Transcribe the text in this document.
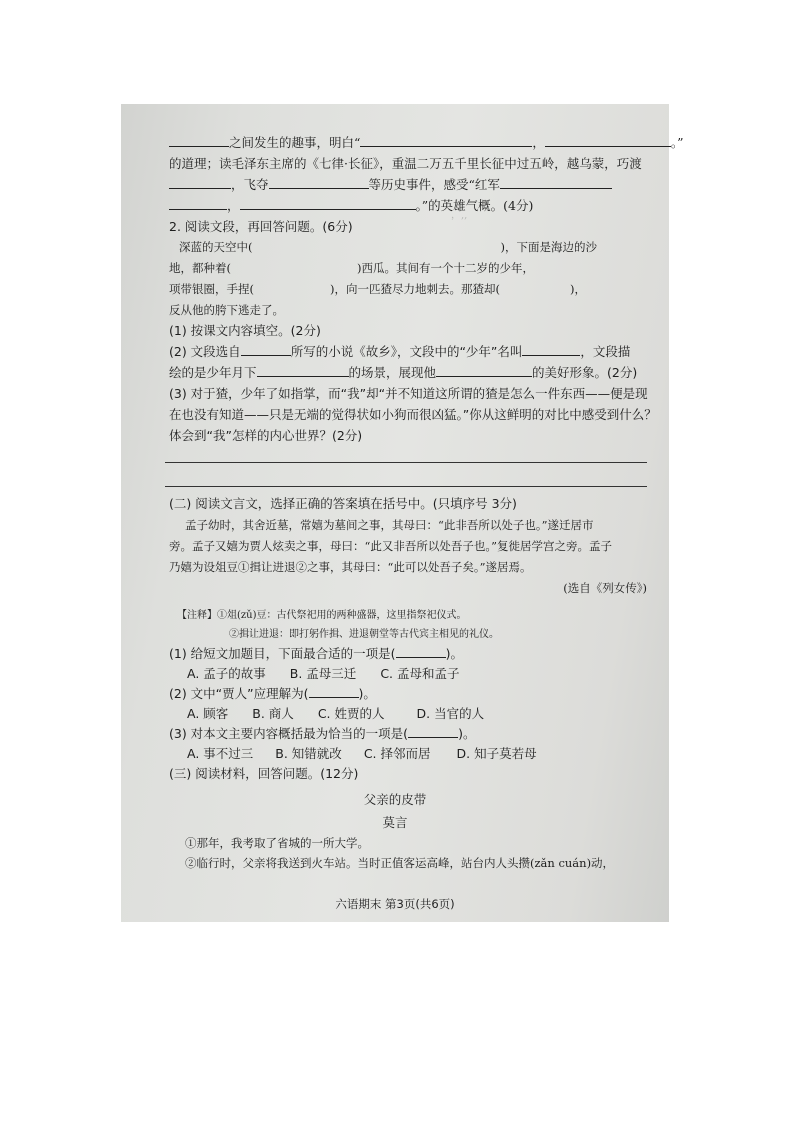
，,,
之间发生的趣事，明白“	，	。”
的道理；读毛泽东主席的《七律·长征》，重温二万五千里长征中过五岭，越乌蒙，巧渡
，飞夺	等历史事件，感受“红军
，	。”的英雄气概。(4分)
2. 阅读文段，再回答问题。(6分)
深蓝的天空中(	)，下面是海边的沙
地，都种着(	)西瓜。其间有一个十二岁的少年，
项带银圈，手捏(	)，向一匹猹尽力地刺去。那猹却(	)，
反从他的胯下逃走了。
(1) 按课文内容填空。(2分)
(2) 文段选自	所写的小说《故乡》，文段中的“少年”名叫	，文段描
绘的是少年月下	的场景，展现他	的美好形象。(2分)
(3) 对于猹，少年了如指掌，而“我”却“并不知道这所谓的猹是怎么一件东西——便是现
在也没有知道——只是无端的觉得状如小狗而很凶猛。”你从这鲜明的对比中感受到什么？
体会到“我”怎样的内心世界？(2分)
(二) 阅读文言文，选择正确的答案填在括号中。(只填序号 3分)
孟子幼时，其舍近墓，常嬉为墓间之事，其母曰：“此非吾所以处子也。”遂迁居市
旁。孟子又嬉为贾人炫卖之事，母曰：“此又非吾所以处吾子也。”复徙居学宫之旁。孟子
乃嬉为设俎豆①揖让进退②之事，其母曰：“此可以处吾子矣。”遂居焉。
(选自《列女传》)
【注释】①俎(zǔ)豆：古代祭祀用的两种盛器，这里指祭祀仪式。
②揖让进退：即打躬作揖、进退朝堂等古代宾主相见的礼仪。
(1) 给短文加题目，下面最合适的一项是(	)。
A. 孟子的故事 B. 孟母三迁 C. 孟母和孟子
(2) 文中“贾人”应理解为(	)。
A. 顾客 B. 商人 C. 姓贾的人	D. 当官的人
(3) 对本文主要内容概括最为恰当的一项是(	)。
A. 事不过三 B. 知错就改 C. 择邻而居 D. 知子莫若母
(三) 阅读材料，回答问题。(12分)
父亲的皮带
莫言
①那年，我考取了省城的一所大学。
②临行时，父亲将我送到火车站。当时正值客运高峰，站台内人头攒(zǎn cuán)动，
六语期末 第3页(共6页)
